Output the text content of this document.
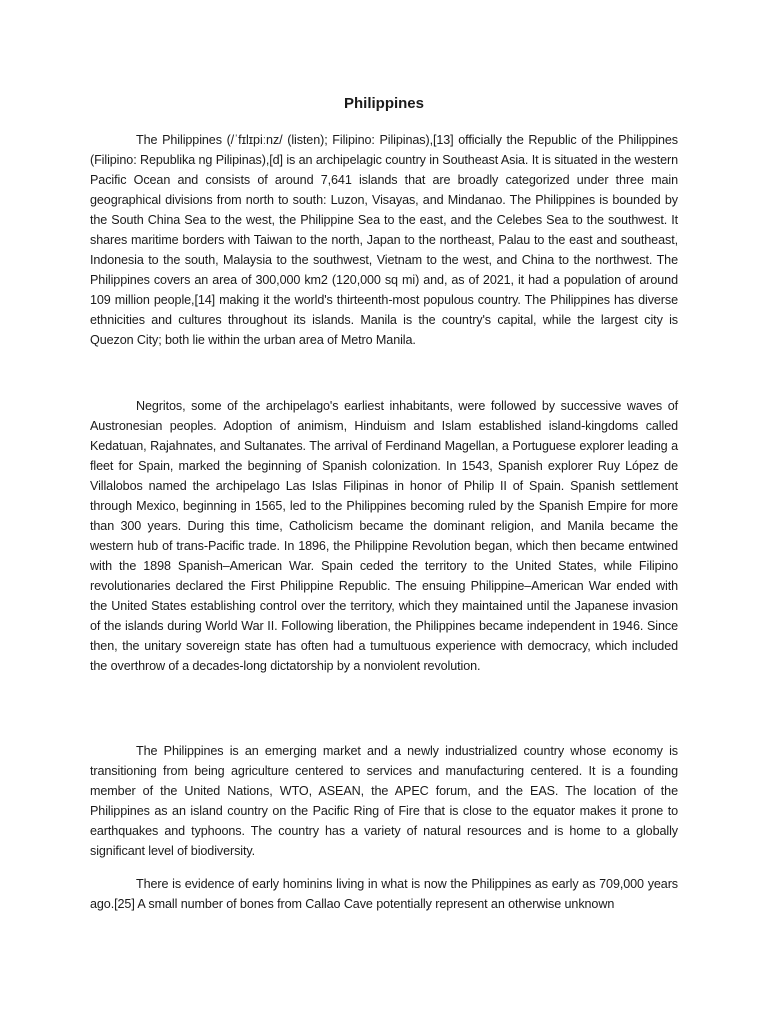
Philippines

The Philippines (/ˈfɪlɪpiːnz/ (listen); Filipino: Pilipinas),[13] officially the Republic of the Philippines (Filipino: Republika ng Pilipinas),[d] is an archipelagic country in Southeast Asia. It is situated in the western Pacific Ocean and consists of around 7,641 islands that are broadly categorized under three main geographical divisions from north to south: Luzon, Visayas, and Mindanao. The Philippines is bounded by the South China Sea to the west, the Philippine Sea to the east, and the Celebes Sea to the southwest. It shares maritime borders with Taiwan to the north, Japan to the northeast, Palau to the east and southeast, Indonesia to the south, Malaysia to the southwest, Vietnam to the west, and China to the northwest. The Philippines covers an area of 300,000 km2 (120,000 sq mi) and, as of 2021, it had a population of around 109 million people,[14] making it the world's thirteenth-most populous country. The Philippines has diverse ethnicities and cultures throughout its islands. Manila is the country's capital, while the largest city is Quezon City; both lie within the urban area of Metro Manila.

Negritos, some of the archipelago's earliest inhabitants, were followed by successive waves of Austronesian peoples. Adoption of animism, Hinduism and Islam established island-kingdoms called Kedatuan, Rajahnates, and Sultanates. The arrival of Ferdinand Magellan, a Portuguese explorer leading a fleet for Spain, marked the beginning of Spanish colonization. In 1543, Spanish explorer Ruy López de Villalobos named the archipelago Las Islas Filipinas in honor of Philip II of Spain. Spanish settlement through Mexico, beginning in 1565, led to the Philippines becoming ruled by the Spanish Empire for more than 300 years. During this time, Catholicism became the dominant religion, and Manila became the western hub of trans-Pacific trade. In 1896, the Philippine Revolution began, which then became entwined with the 1898 Spanish–American War. Spain ceded the territory to the United States, while Filipino revolutionaries declared the First Philippine Republic. The ensuing Philippine–American War ended with the United States establishing control over the territory, which they maintained until the Japanese invasion of the islands during World War II. Following liberation, the Philippines became independent in 1946. Since then, the unitary sovereign state has often had a tumultuous experience with democracy, which included the overthrow of a decades-long dictatorship by a nonviolent revolution.

The Philippines is an emerging market and a newly industrialized country whose economy is transitioning from being agriculture centered to services and manufacturing centered. It is a founding member of the United Nations, WTO, ASEAN, the APEC forum, and the EAS. The location of the Philippines as an island country on the Pacific Ring of Fire that is close to the equator makes it prone to earthquakes and typhoons. The country has a variety of natural resources and is home to a globally significant level of biodiversity.

There is evidence of early hominins living in what is now the Philippines as early as 709,000 years ago.[25] A small number of bones from Callao Cave potentially represent an otherwise unknown
